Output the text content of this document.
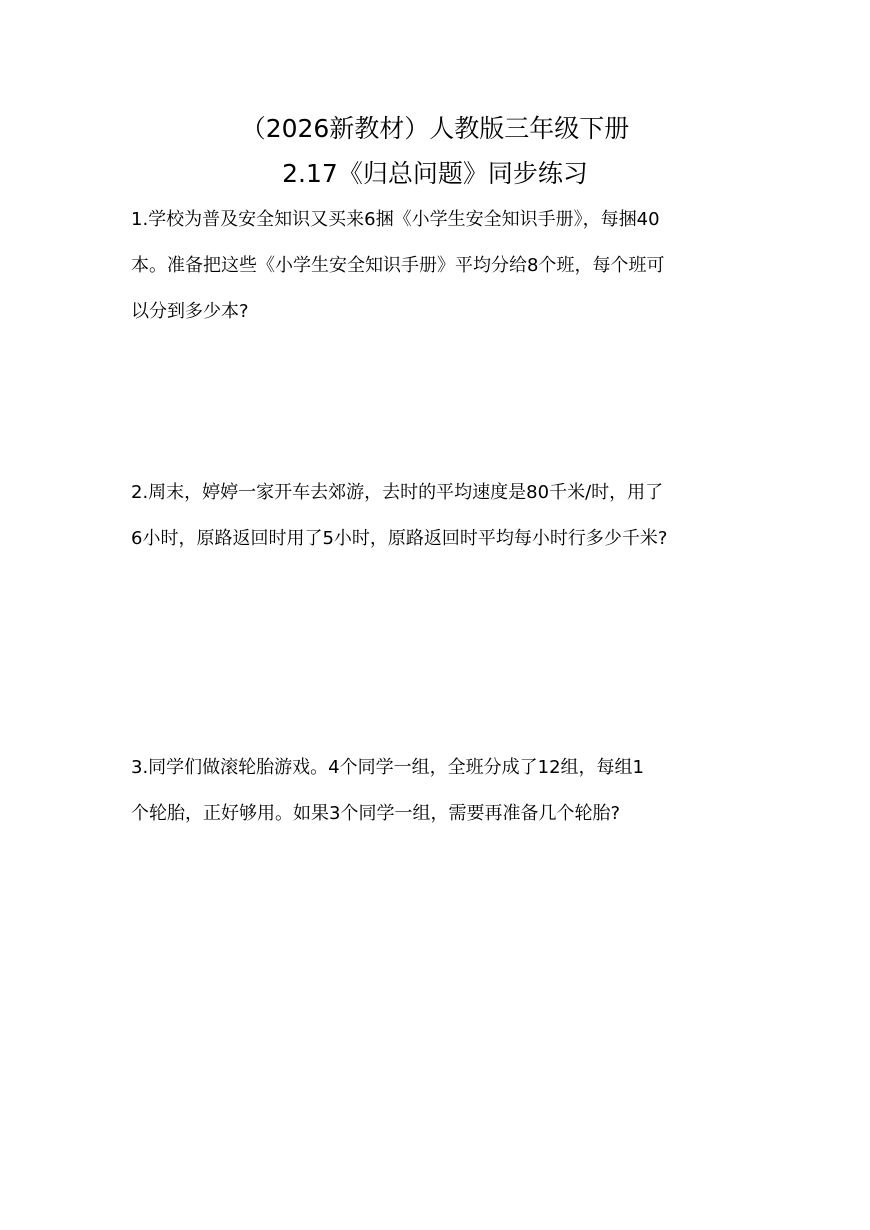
（2026新教材）人教版三年级下册
2.17《归总问题》同步练习
1.学校为普及安全知识又买来6捆《小学生安全知识手册》，每捆40
本。准备把这些《小学生安全知识手册》平均分给8个班，每个班可
以分到多少本?
2.周末，婷婷一家开车去郊游，去时的平均速度是80千米/时，用了
6小时，原路返回时用了5小时，原路返回时平均每小时行多少千米?
3.同学们做滚轮胎游戏。4个同学一组，全班分成了12组，每组1
个轮胎，正好够用。如果3个同学一组，需要再准备几个轮胎?
